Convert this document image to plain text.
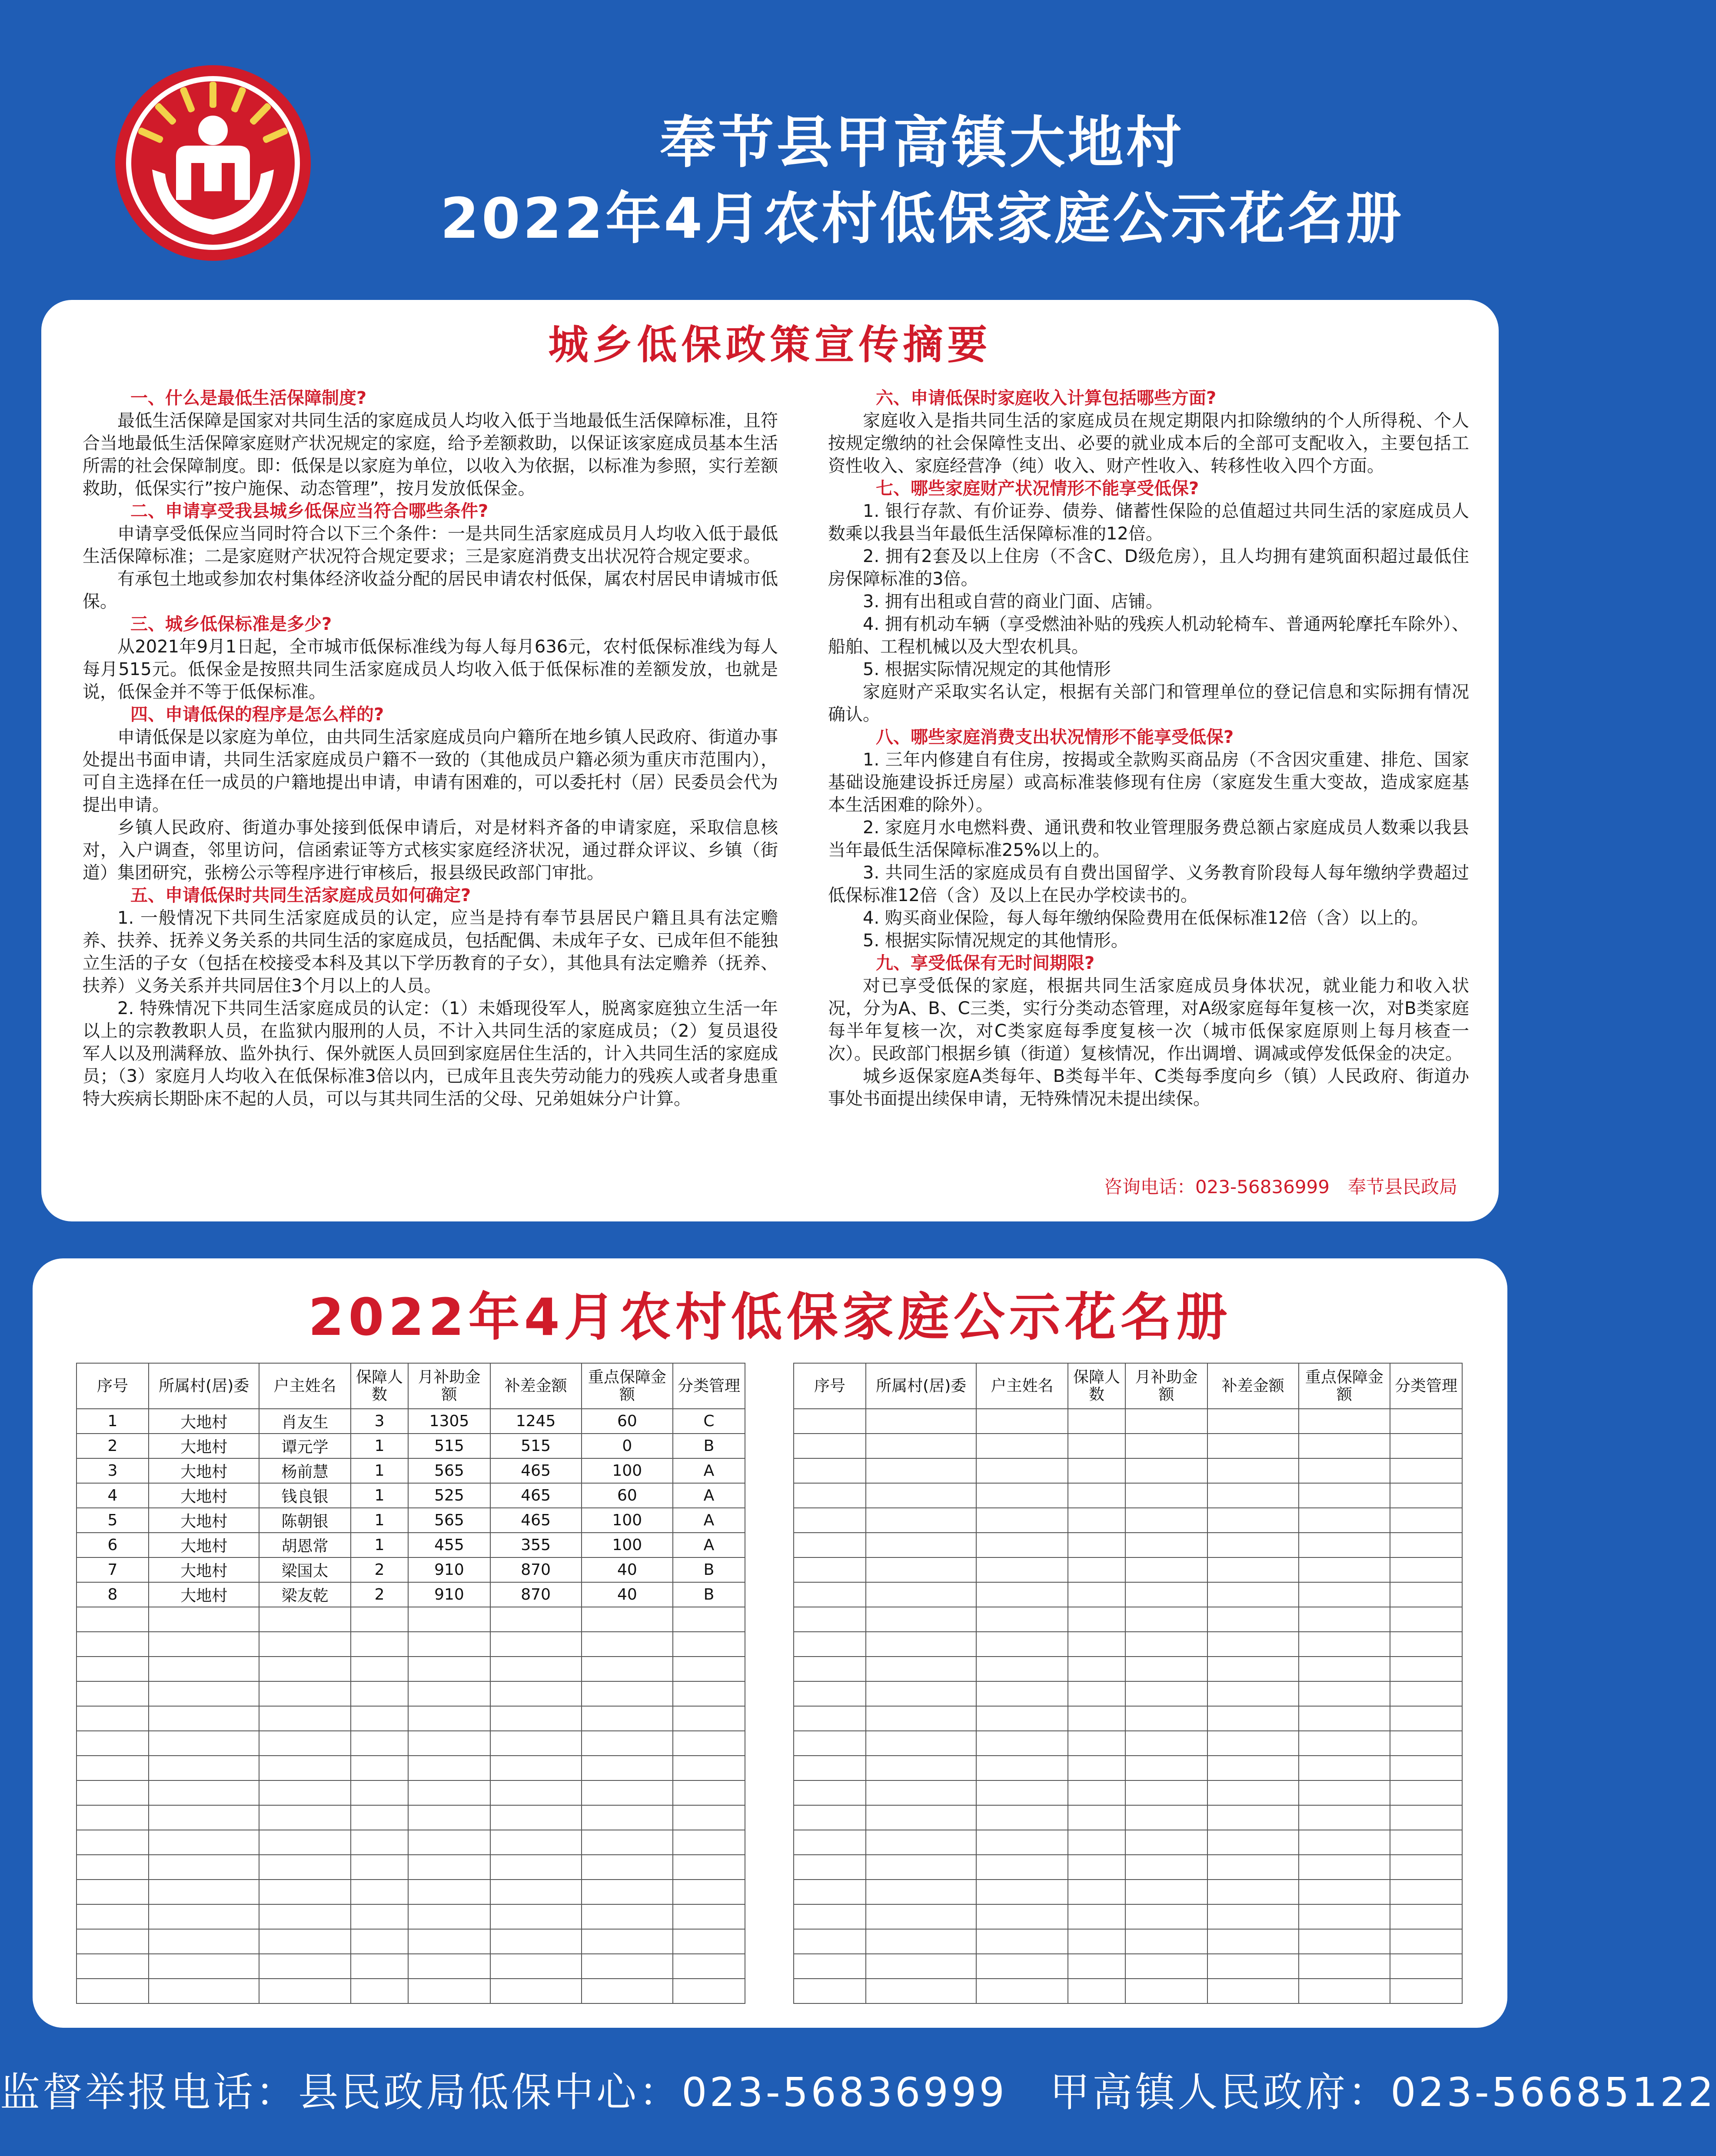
奉节县甲高镇大地村
2022年4月农村低保家庭公示花名册
城乡低保政策宣传摘要
一、什么是最低生活保障制度?
最低生活保障是国家对共同生活的家庭成员人均收入低于当地最低生活保障标准，且符合当地最低生活保障家庭财产状况规定的家庭，给予差额救助，以保证该家庭成员基本生活所需的社会保障制度。即：低保是以家庭为单位，以收入为依据，以标准为参照，实行差额救助，低保实行”按户施保、动态管理”，按月发放低保金。
二、申请享受我县城乡低保应当符合哪些条件?
申请享受低保应当同时符合以下三个条件：一是共同生活家庭成员月人均收入低于最低生活保障标准；二是家庭财产状况符合规定要求；三是家庭消费支出状况符合规定要求。
有承包土地或参加农村集体经济收益分配的居民申请农村低保，属农村居民申请城市低保。
三、城乡低保标准是多少?
从2021年9月1日起，全市城市低保标准线为每人每月636元，农村低保标准线为每人每月515元。低保金是按照共同生活家庭成员人均收入低于低保标准的差额发放，也就是说，低保金并不等于低保标准。
四、申请低保的程序是怎么样的?
申请低保是以家庭为单位，由共同生活家庭成员向户籍所在地乡镇人民政府、街道办事处提出书面申请，共同生活家庭成员户籍不一致的（其他成员户籍必须为重庆市范围内），可自主选择在任一成员的户籍地提出申请，申请有困难的，可以委托村（居）民委员会代为提出申请。
乡镇人民政府、街道办事处接到低保申请后，对是材料齐备的申请家庭，采取信息核对，入户调查，邻里访问，信函索证等方式核实家庭经济状况，通过群众评议、乡镇（街道）集团研究，张榜公示等程序进行审核后，报县级民政部门审批。
五、申请低保时共同生活家庭成员如何确定?
1. 一般情况下共同生活家庭成员的认定，应当是持有奉节县居民户籍且具有法定赡养、扶养、抚养义务关系的共同生活的家庭成员，包括配偶、未成年子女、已成年但不能独立生活的子女（包括在校接受本科及其以下学历教育的子女），其他具有法定赡养（抚养、扶养）义务关系并共同居住3个月以上的人员。
2. 特殊情况下共同生活家庭成员的认定：（1）未婚现役军人，脱离家庭独立生活一年以上的宗教教职人员，在监狱内服刑的人员，不计入共同生活的家庭成员；（2）复员退役军人以及刑满释放、监外执行、保外就医人员回到家庭居住生活的，计入共同生活的家庭成员；（3）家庭月人均收入在低保标准3倍以内，已成年且丧失劳动能力的残疾人或者身患重特大疾病长期卧床不起的人员，可以与其共同生活的父母、兄弟姐妹分户计算。
六、申请低保时家庭收入计算包括哪些方面?
家庭收入是指共同生活的家庭成员在规定期限内扣除缴纳的个人所得税、个人按规定缴纳的社会保障性支出、必要的就业成本后的全部可支配收入，主要包括工资性收入、家庭经营净（纯）收入、财产性收入、转移性收入四个方面。
七、哪些家庭财产状况情形不能享受低保?
1. 银行存款、有价证券、债券、储蓄性保险的总值超过共同生活的家庭成员人数乘以我县当年最低生活保障标准的12倍。
2. 拥有2套及以上住房（不含C、D级危房），且人均拥有建筑面积超过最低住房保障标准的3倍。
3. 拥有出租或自营的商业门面、店铺。
4. 拥有机动车辆（享受燃油补贴的残疾人机动轮椅车、普通两轮摩托车除外）、船舶、工程机械以及大型农机具。
5. 根据实际情况规定的其他情形
家庭财产采取实名认定，根据有关部门和管理单位的登记信息和实际拥有情况确认。
八、哪些家庭消费支出状况情形不能享受低保?
1. 三年内修建自有住房，按揭或全款购买商品房（不含因灾重建、排危、国家基础设施建设拆迁房屋）或高标准装修现有住房（家庭发生重大变故，造成家庭基本生活困难的除外）。
2. 家庭月水电燃料费、通讯费和牧业管理服务费总额占家庭成员人数乘以我县当年最低生活保障标准25%以上的。
3. 共同生活的家庭成员有自费出国留学、义务教育阶段每人每年缴纳学费超过低保标准12倍（含）及以上在民办学校读书的。
4. 购买商业保险，每人每年缴纳保险费用在低保标准12倍（含）以上的。
5. 根据实际情况规定的其他情形。
九、享受低保有无时间期限?
对已享受低保的家庭，根据共同生活家庭成员身体状况，就业能力和收入状况，分为A、B、C三类，实行分类动态管理，对A级家庭每年复核一次，对B类家庭每半年复核一次，对C类家庭每季度复核一次（城市低保家庭原则上每月核查一次）。民政部门根据乡镇（街道）复核情况，作出调增、调减或停发低保金的决定。
城乡返保家庭A类每年、B类每半年、C类每季度向乡（镇）人民政府、街道办事处书面提出续保申请，无特殊情况未提出续保。
咨询电话：023-56836999　奉节县民政局
2022年4月农村低保家庭公示花名册
序号	所属村(居)委	户主姓名	保障人数	月补助金　额	补差金额	重点保障金　额	分类管理
1	大地村	肖友生	3	1305	1245	60	C
2	大地村	谭元学	1	515	515	0	B
3	大地村	杨前慧	1	565	465	100	A
4	大地村	钱良银	1	525	465	60	A
5	大地村	陈朝银	1	565	465	100	A
6	大地村	胡恩常	1	455	355	100	A
7	大地村	梁国太	2	910	870	40	B
8	大地村	梁友乾	2	910	870	40	B

序号	所属村(居)委	户主姓名	保障人数	月补助金　额	补差金额	重点保障金　额	分类管理

监督举报电话：县民政局低保中心：023-56836999　甲高镇人民政府：023-56685122
